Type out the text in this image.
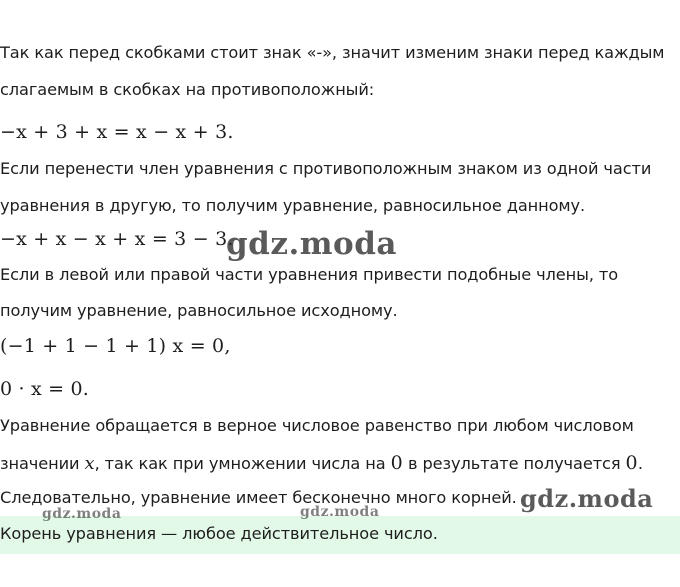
Так как перед скобками стоит знак «-», значит изменим знаки перед каждым
слагаемым в скобках на противоположный:
−x + 3 + x = x − x + 3.
Если перенести член уравнения с противоположным знаком из одной части
уравнения в другую, то получим уравнение, равносильное данному.
−x + x − x + x = 3 − 3.
Если в левой или правой части уравнения привести подобные члены, то
получим уравнение, равносильное исходному.
(−1 + 1 − 1 + 1) x = 0,
0 · x = 0.
Уравнение обращается в верное числовое равенство при любом числовом
значении x, так как при умножении числа на 0 в результате получается 0.
Следовательно, уравнение имеет бесконечно много корней.
Корень уравнения — любое действительное число.
gdz.moda
gdz.moda
gdz.moda	gdz.moda
